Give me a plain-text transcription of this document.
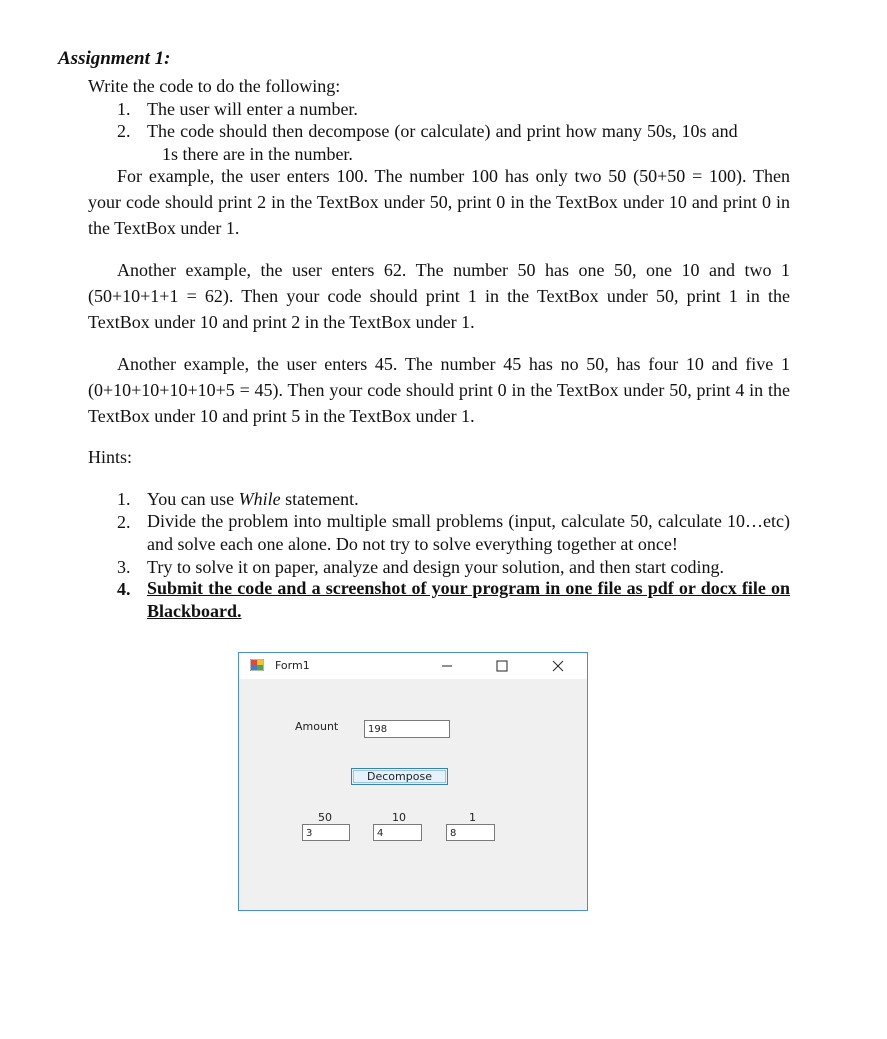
Assignment 1:
Write the code to do the following:
1. The user will enter a number.
2. The code should then decompose (or calculate) and print how many 50s, 10s and
1s there are in the number.
For example, the user enters 100. The number 100 has only two 50 (50+50 = 100). Then your code should print 2 in the TextBox under 50, print 0 in the TextBox under 10 and print 0 in the TextBox under 1.
Another example, the user enters 62. The number 50 has one 50, one 10 and two 1 (50+10+1+1 = 62). Then your code should print 1 in the TextBox under 50, print 1 in the TextBox under 10 and print 2 in the TextBox under 1.
Another example, the user enters 45. The number 45 has no 50, has four 10 and five 1 (0+10+10+10+10+5 = 45). Then your code should print 0 in the TextBox under 50, print 4 in the TextBox under 10 and print 5 in the TextBox under 1.
Hints:
1. You can use While statement.
2. Divide the problem into multiple small problems (input, calculate 50, calculate 10…etc) and solve each one alone. Do not try to solve everything together at once!
3. Try to solve it on paper, analyze and design your solution, and then start coding.
4. Submit the code and a screenshot of your program in one file as pdf or docx file on Blackboard.
Form1
Amount	198
Decompose
50	10	1
3	4	8
